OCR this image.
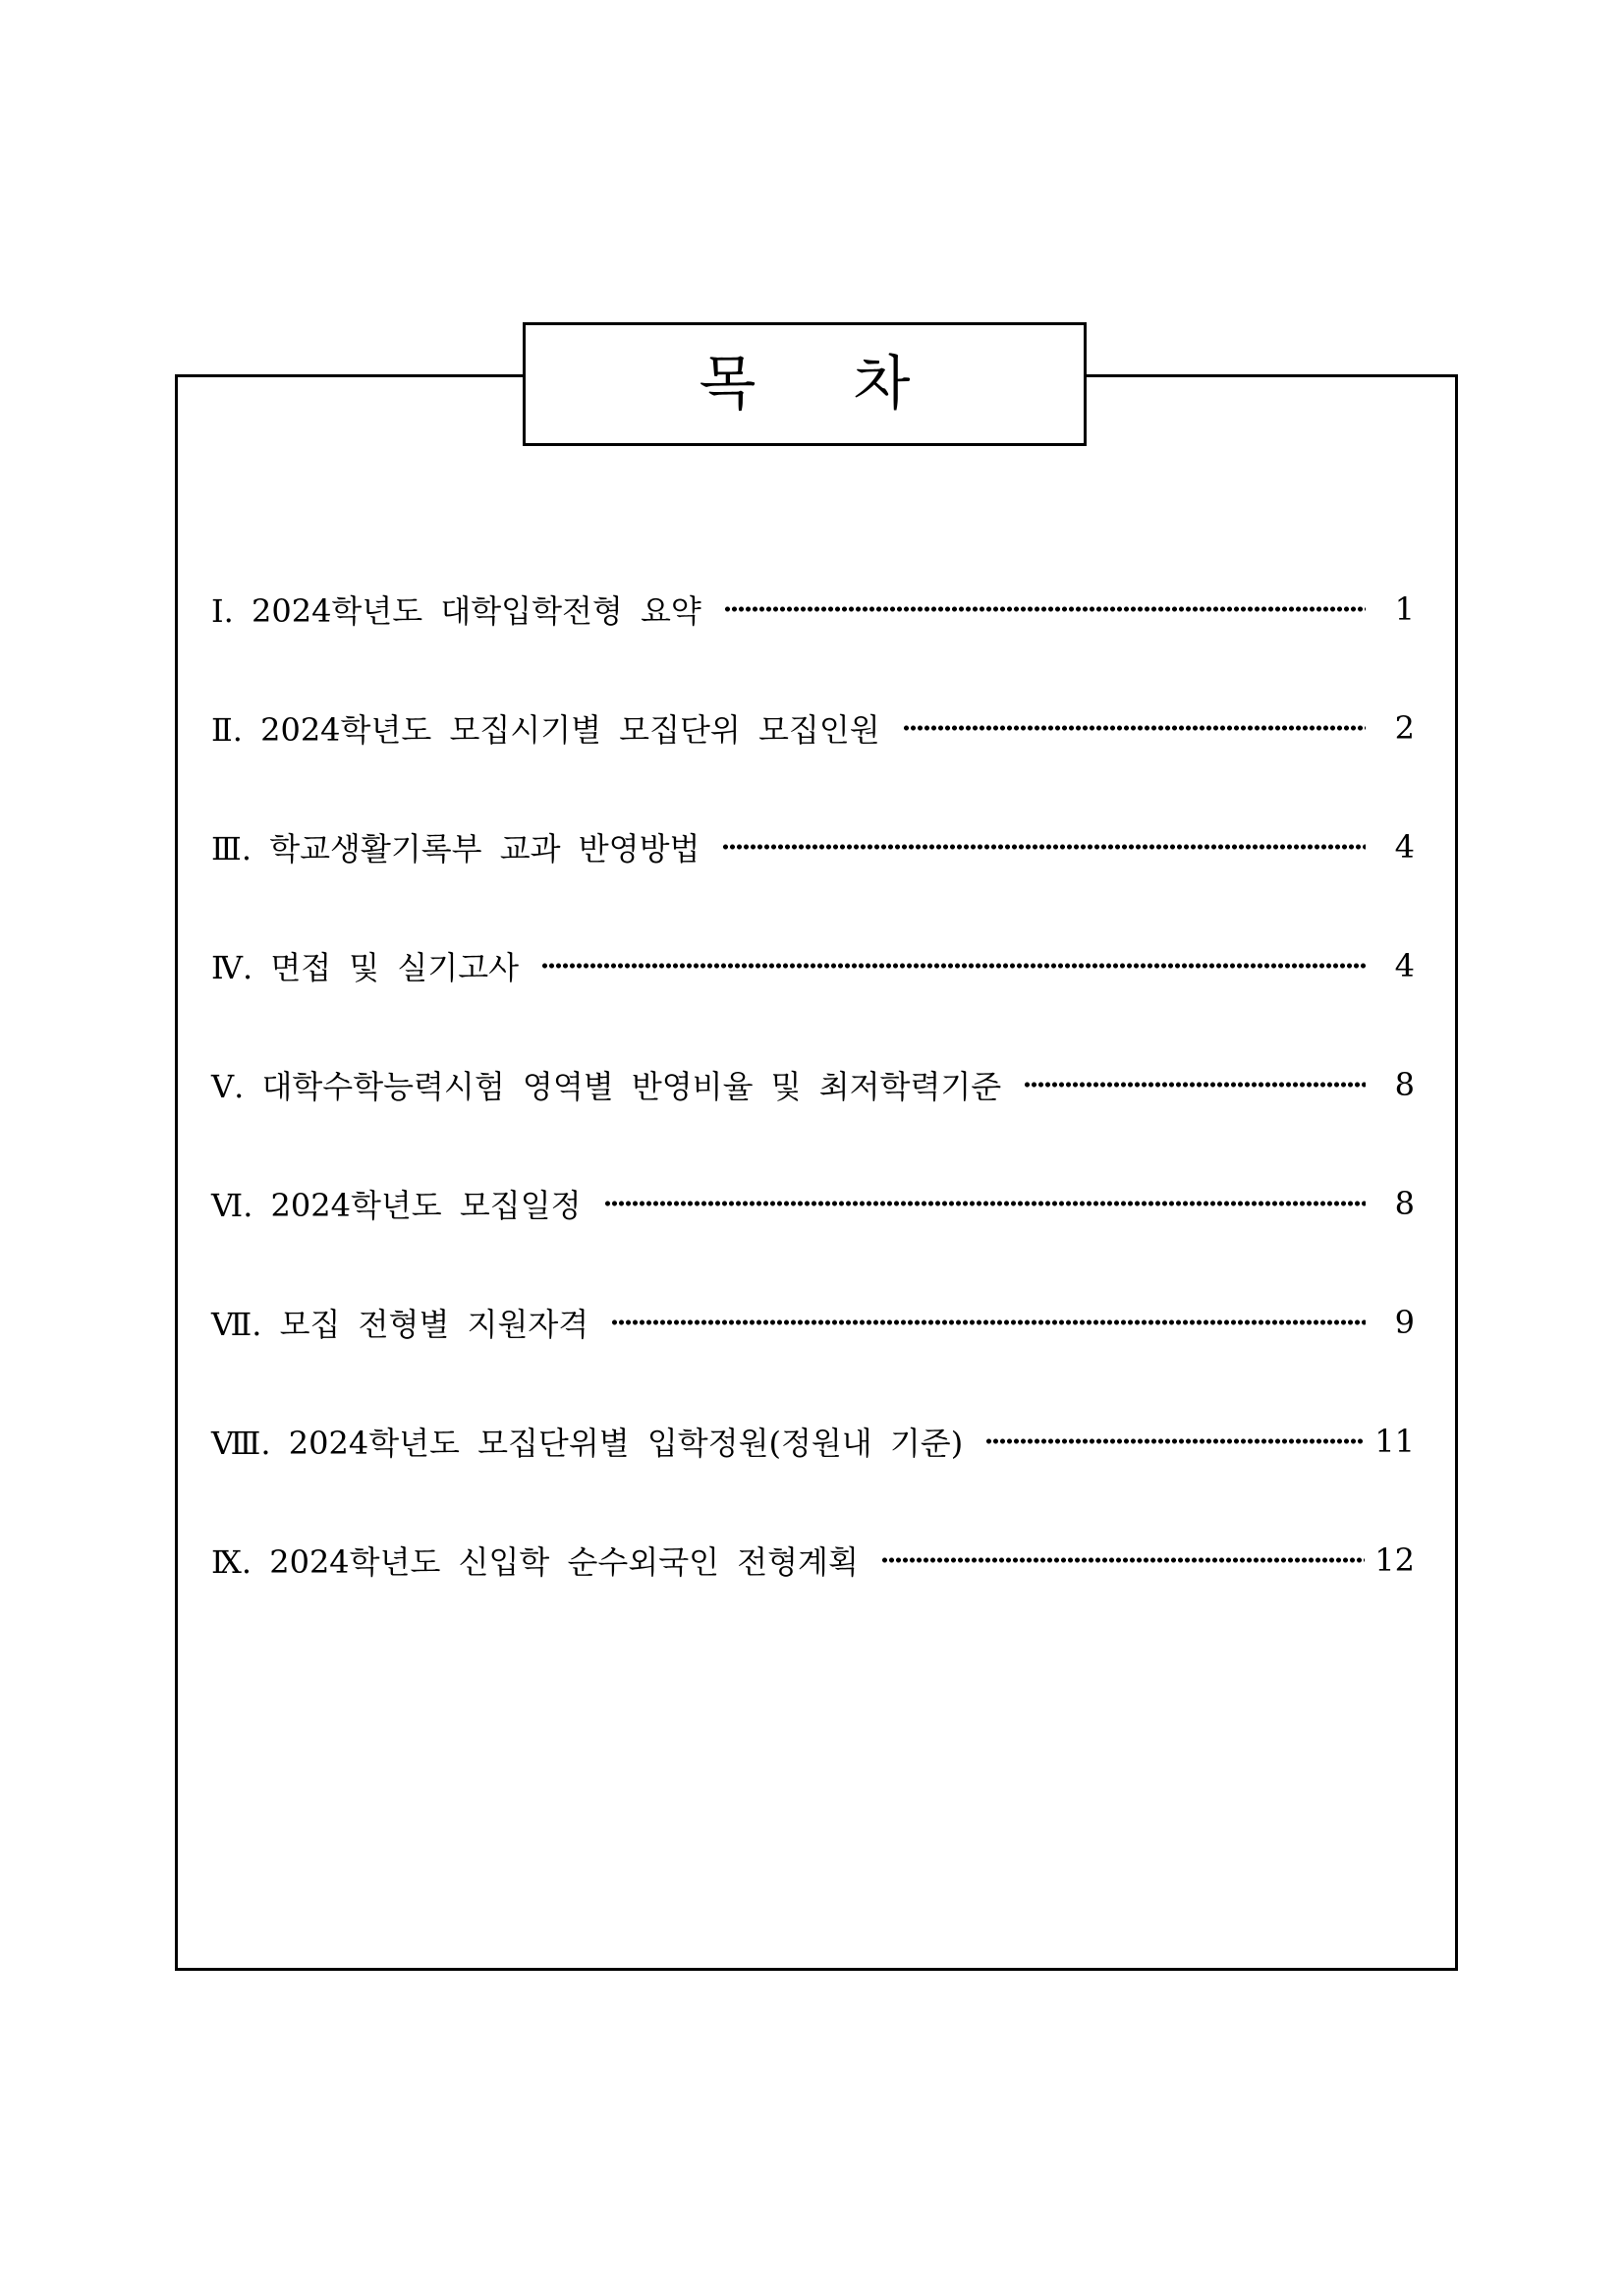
목 차
Ⅰ. 2024학년도 대학입학전형 요약	1
Ⅱ. 2024학년도 모집시기별 모집단위 모집인원	2
Ⅲ. 학교생활기록부 교과 반영방법	4
Ⅳ. 면접 및 실기고사	4
Ⅴ. 대학수학능력시험 영역별 반영비율 및 최저학력기준	8
Ⅵ. 2024학년도 모집일정	8
Ⅶ. 모집 전형별 지원자격	9
Ⅷ. 2024학년도 모집단위별 입학정원(정원내 기준)	11
Ⅸ. 2024학년도 신입학 순수외국인 전형계획	12
